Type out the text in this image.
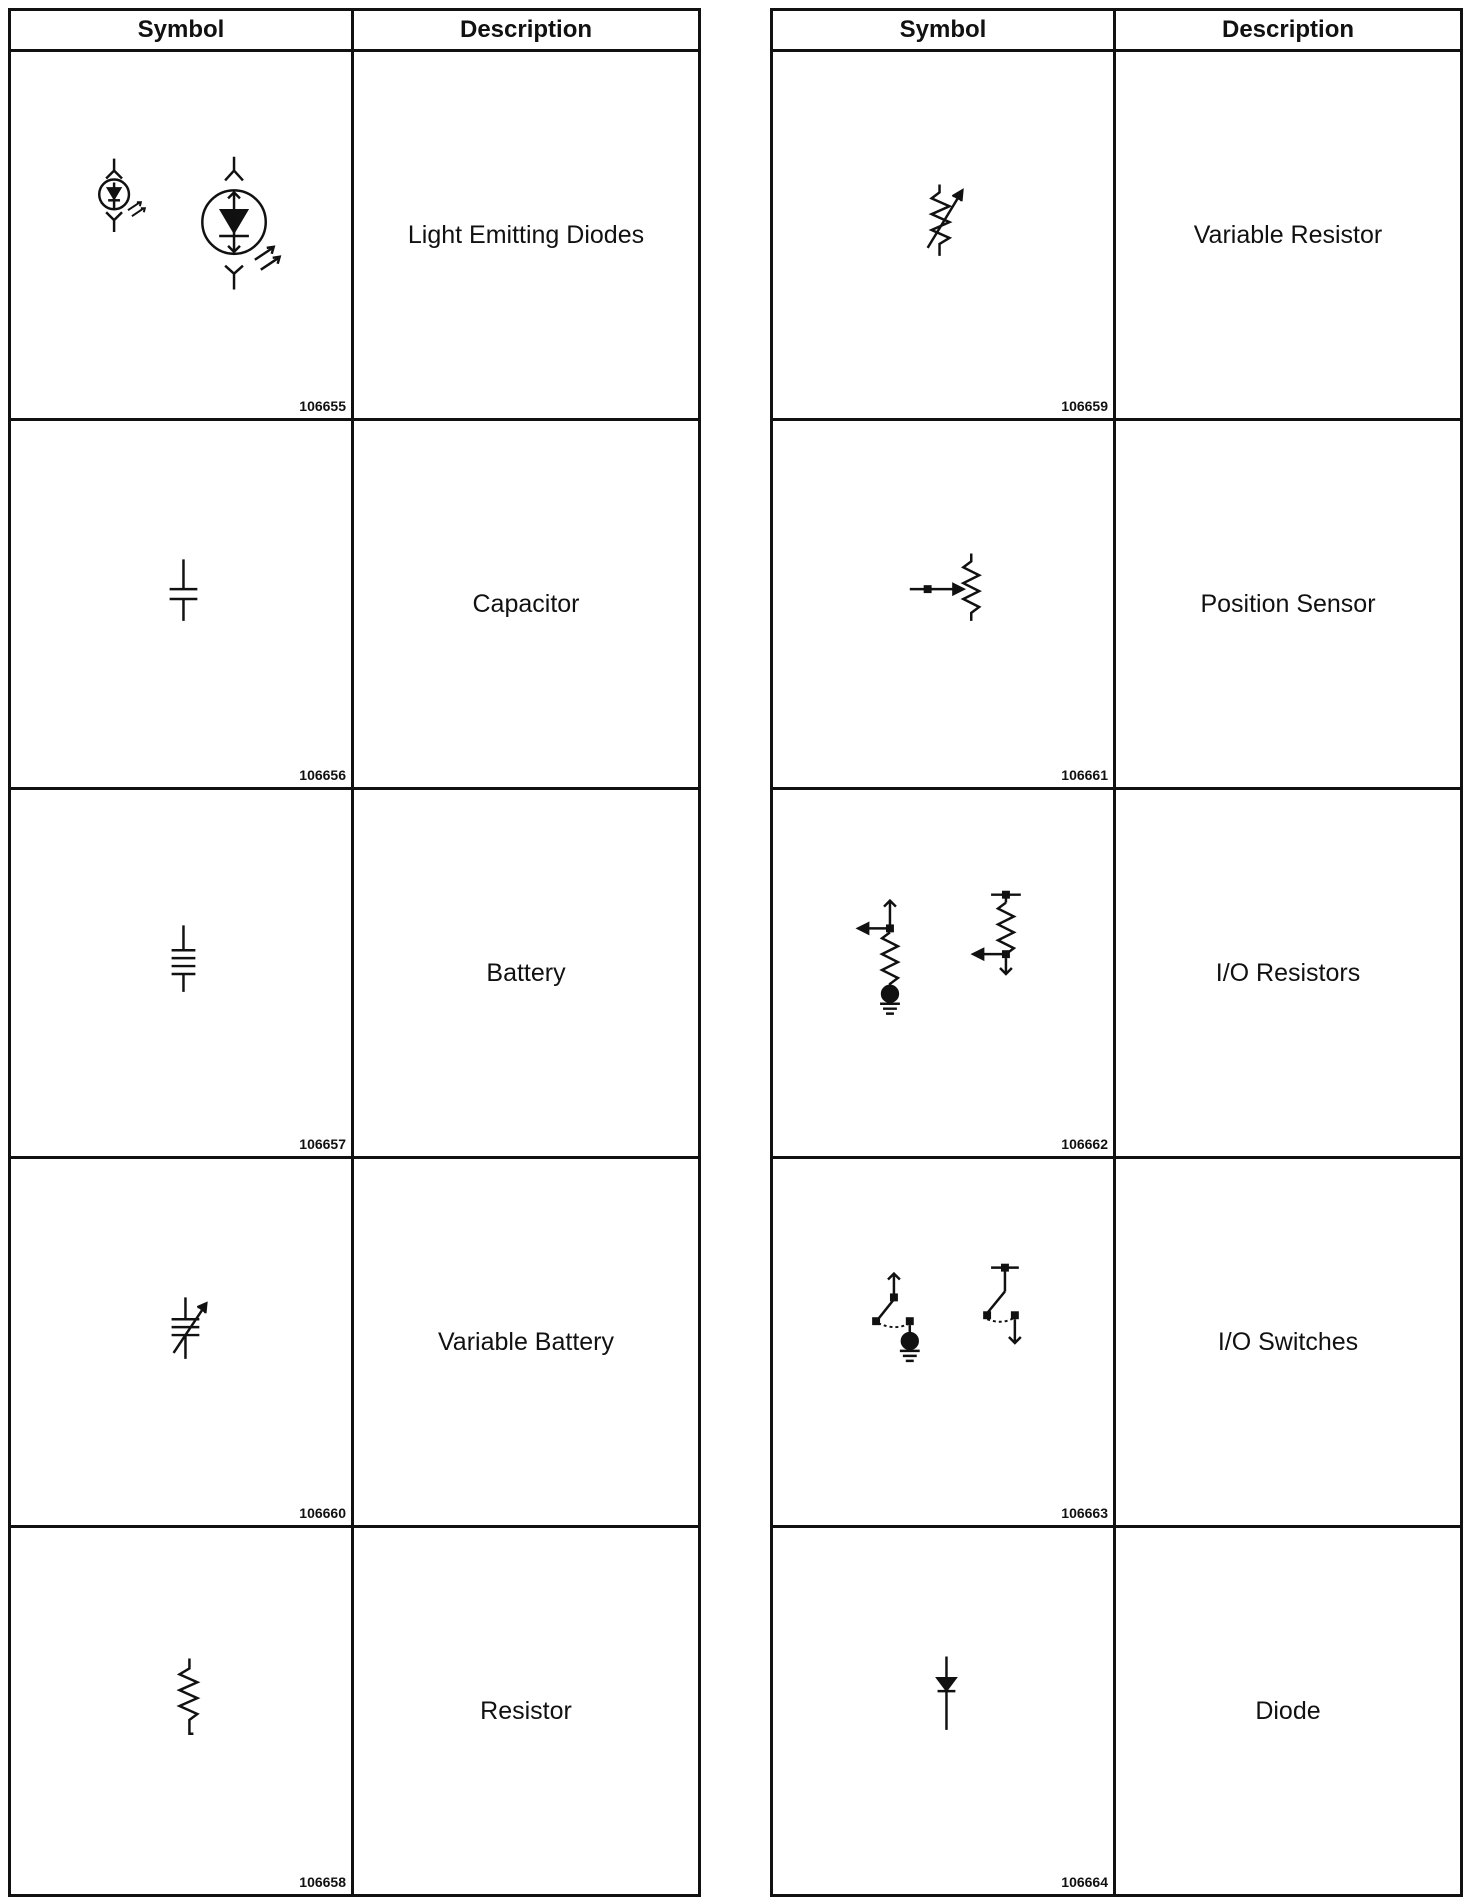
Symbol	Description

106655	Light Emitting Diodes

106656	Capacitor

106657	Battery

106660	Variable Battery

106658	Resistor
Symbol	Description

106659	Variable Resistor

106661	Position Sensor

106662	I/O Resistors

106663	I/O Switches

106664	Diode
